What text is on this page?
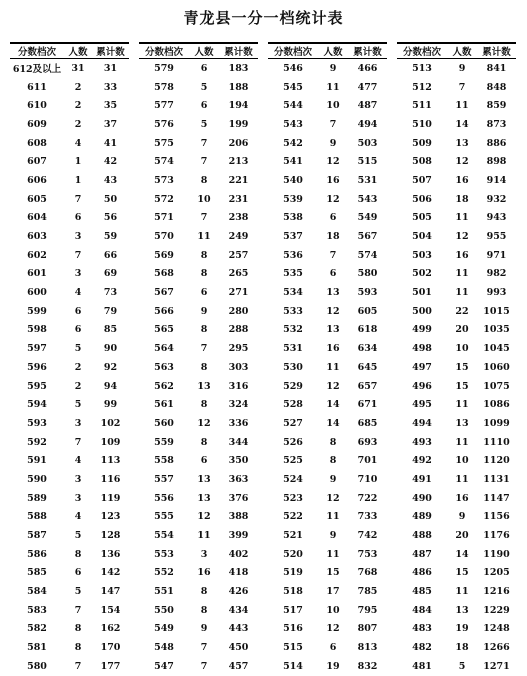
青龙县一分一档统计表
分数档次	人数 累计数
612及以上	31	31
611	2	33
610	2	35
609	2	37
608	4	41
607	1	42
606	1	43
605	7	50
604	6	56
603	3	59
602	7	66
601	3	69
600	4	73
599	6	79
598	6	85
597	5	90
596	2	92
595	2	94
594	5	99
593	3	102
592	7	109
591	4	113
590	3	116
589	3	119
588	4	123
587	5	128
586	8	136
585	6	142
584	5	147
583	7	154
582	8	162
581	8	170
580	7	177
分数档次	人数	累计数
579	6	183
578	5	188
577	6	194
576	5	199
575	7	206
574	7	213
573	8	221
572	10	231
571	7	238
570	11	249
569	8	257
568	8	265
567	6	271
566	9	280
565	8	288
564	7	295
563	8	303
562	13	316
561	8	324
560	12	336
559	8	344
558	6	350
557	13	363
556	13	376
555	12	388
554	11	399
553	3	402
552	16	418
551	8	426
550	8	434
549	9	443
548	7	450
547	7	457
分数档次	人数	累计数
546	9	466
545	11	477
544	10	487
543	7	494
542	9	503
541	12	515
540	16	531
539	12	543
538	6	549
537	18	567
536	7	574
535	6	580
534	13	593
533	12	605
532	13	618
531	16	634
530	11	645
529	12	657
528	14	671
527	14	685
526	8	693
525	8	701
524	9	710
523	12	722
522	11	733
521	9	742
520	11	753
519	15	768
518	17	785
517	10	795
516	12	807
515	6	813
514	19	832
分数档次	人数	累计数
513	9	841
512	7	848
511	11	859
510	14	873
509	13	886
508	12	898
507	16	914
506	18	932
505	11	943
504	12	955
503	16	971
502	11	982
501	11	993
500	22	1015
499	20	1035
498	10	1045
497	15	1060
496	15	1075
495	11	1086
494	13	1099
493	11	1110
492	10	1120
491	11	1131
490	16	1147
489	9	1156
488	20	1176
487	14	1190
486	15	1205
485	11	1216
484	13	1229
483	19	1248
482	18	1266
481	5	1271
